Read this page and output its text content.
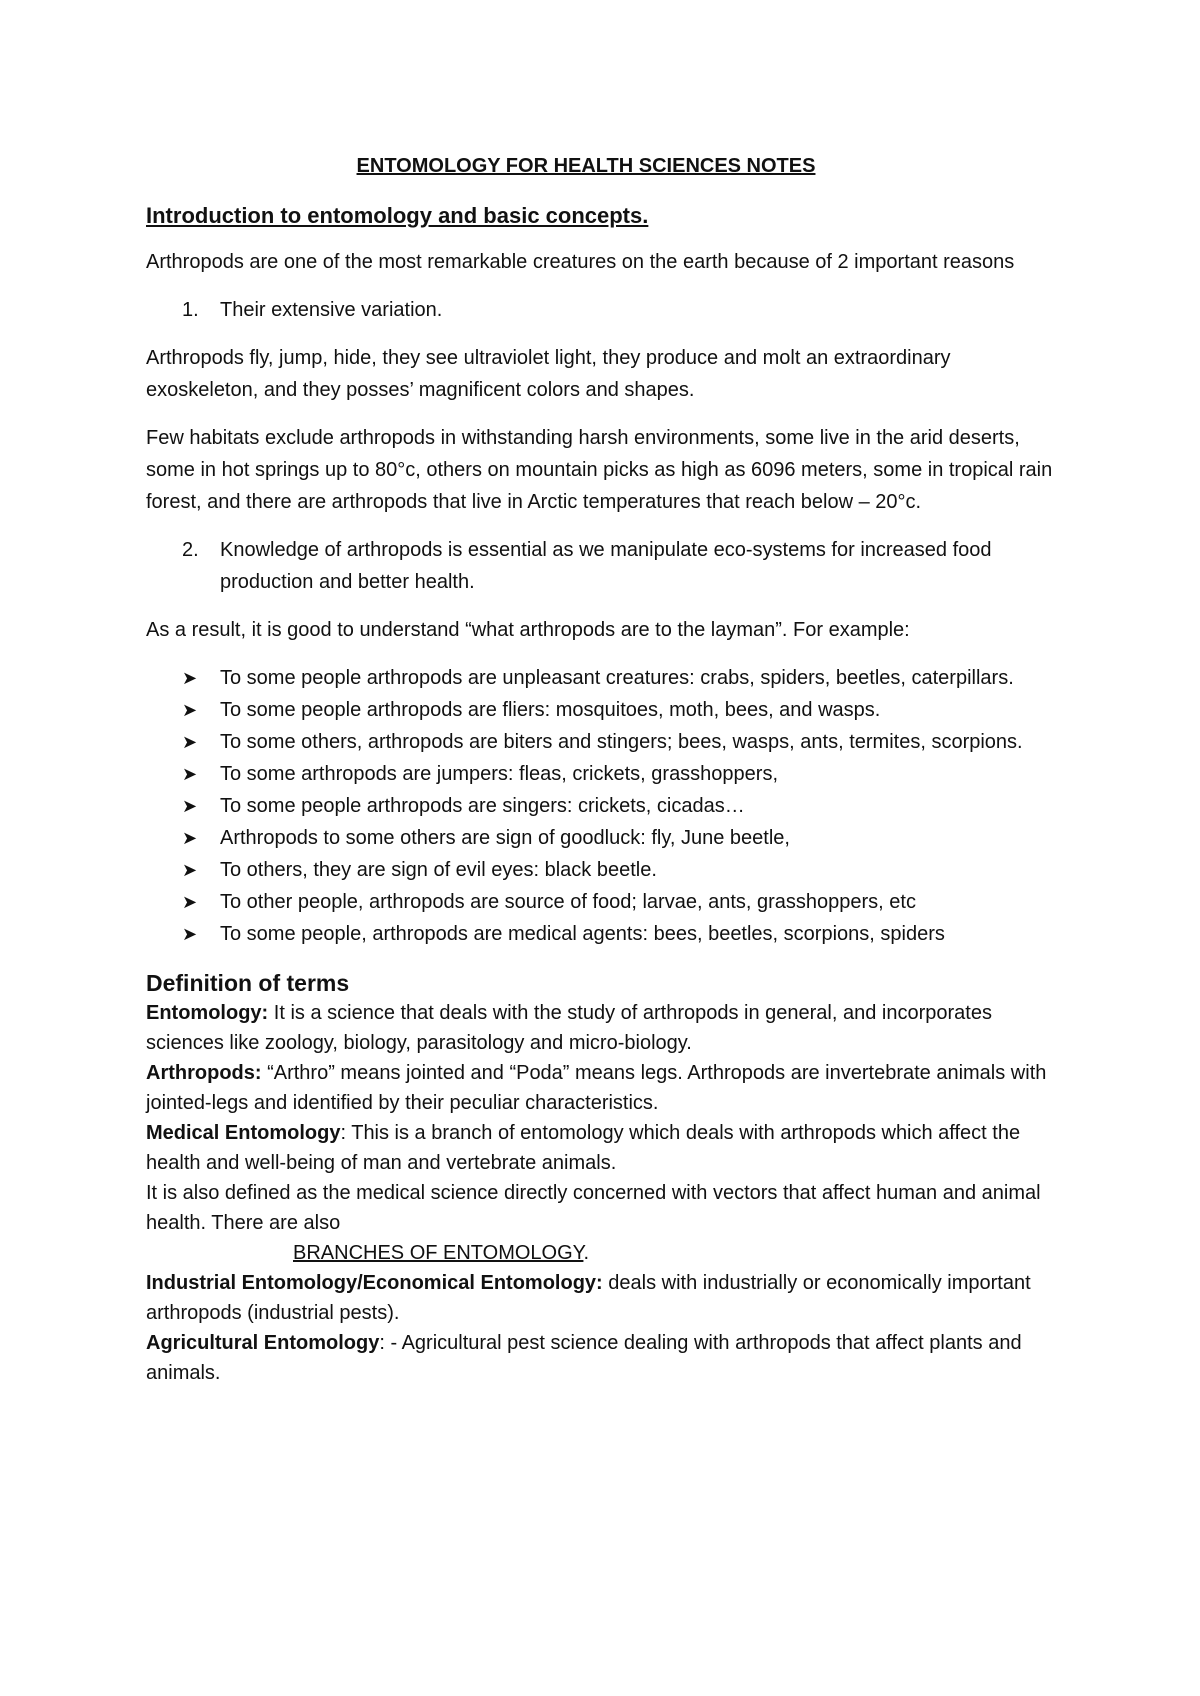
ENTOMOLOGY FOR HEALTH SCIENCES NOTES
Introduction to entomology and basic concepts.

Arthropods are one of the most remarkable creatures on the earth because of 2 important reasons

1.	Their extensive variation.

Arthropods fly, jump, hide, they see ultraviolet light, they produce and molt an extraordinary exoskeleton, and they posses’ magnificent colors and shapes.

Few habitats exclude arthropods in withstanding harsh environments, some live in the arid deserts, some in hot springs up to 80°c, others on mountain picks as high as 6096 meters, some in tropical rain forest, and there are arthropods that live in Arctic temperatures that reach below – 20°c.

2.	Knowledge of arthropods is essential as we manipulate eco-systems for increased food production and better health.

As a result, it is good to understand “what arthropods are to the layman”. For example:

➤	To some people arthropods are unpleasant creatures: crabs, spiders, beetles, caterpillars.
➤	To some people arthropods are fliers: mosquitoes, moth, bees, and wasps.
➤	To some others, arthropods are biters and stingers; bees, wasps, ants, termites, scorpions.
➤	To some arthropods are jumpers: fleas, crickets, grasshoppers,
➤	To some people arthropods are singers: crickets, cicadas…
➤	Arthropods to some others are sign of goodluck: fly, June beetle,
➤	To others, they are sign of evil eyes: black beetle.
➤	To other people, arthropods are source of food; larvae, ants, grasshoppers, etc
➤	To some people, arthropods are medical agents: bees, beetles, scorpions, spiders
Definition of terms
Entomology: It is a science that deals with the study of arthropods in general, and incorporates sciences like zoology, biology, parasitology and micro-biology.
Arthropods: “Arthro” means jointed and “Poda” means legs. Arthropods are invertebrate animals with jointed-legs and identified by their peculiar characteristics.
Medical Entomology: This is a branch of entomology which deals with arthropods which affect the health and well-being of man and vertebrate animals.
It is also defined as the medical science directly concerned with vectors that affect human and animal health. There are also
BRANCHES OF ENTOMOLOGY.
Industrial Entomology/Economical Entomology: deals with industrially or economically important arthropods (industrial pests).
Agricultural Entomology: - Agricultural pest science dealing with arthropods that affect plants and animals.
